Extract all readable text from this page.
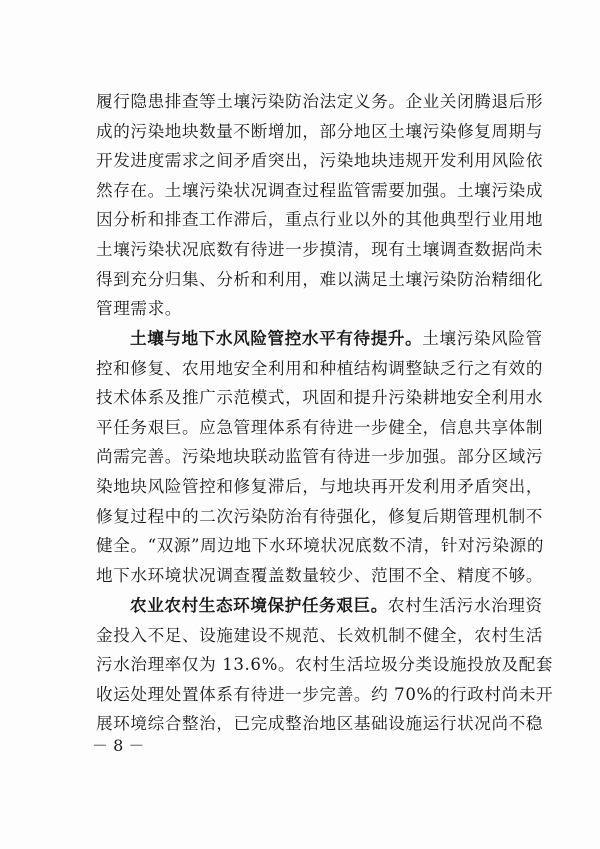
履行隐患排查等土壤污染防治法定义务。企业关闭腾退后形
成的污染地块数量不断增加，部分地区土壤污染修复周期与
开发进度需求之间矛盾突出，污染地块违规开发利用风险依
然存在。土壤污染状况调查过程监管需要加强。土壤污染成
因分析和排查工作滞后，重点行业以外的其他典型行业用地
土壤污染状况底数有待进一步摸清，现有土壤调查数据尚未
得到充分归集、分析和利用，难以满足土壤污染防治精细化
管理需求。
土壤与地下水风险管控水平有待提升。土壤污染风险管
控和修复、农用地安全利用和种植结构调整缺乏行之有效的
技术体系及推广示范模式，巩固和提升污染耕地安全利用水
平任务艰巨。应急管理体系有待进一步健全，信息共享体制
尚需完善。污染地块联动监管有待进一步加强。部分区域污
染地块风险管控和修复滞后，与地块再开发利用矛盾突出，
修复过程中的二次污染防治有待强化，修复后期管理机制不
健全。“双源”周边地下水环境状况底数不清，针对污染源的
地下水环境状况调查覆盖数量较少、范围不全、精度不够。
农业农村生态环境保护任务艰巨。农村生活污水治理资
金投入不足、设施建设不规范、长效机制不健全，农村生活
污水治理率仅为 13.6%。农村生活垃圾分类设施投放及配套
收运处理处置体系有待进一步完善。约 70%的行政村尚未开
展环境综合整治，已完成整治地区基础设施运行状况尚不稳
－ 8 －
